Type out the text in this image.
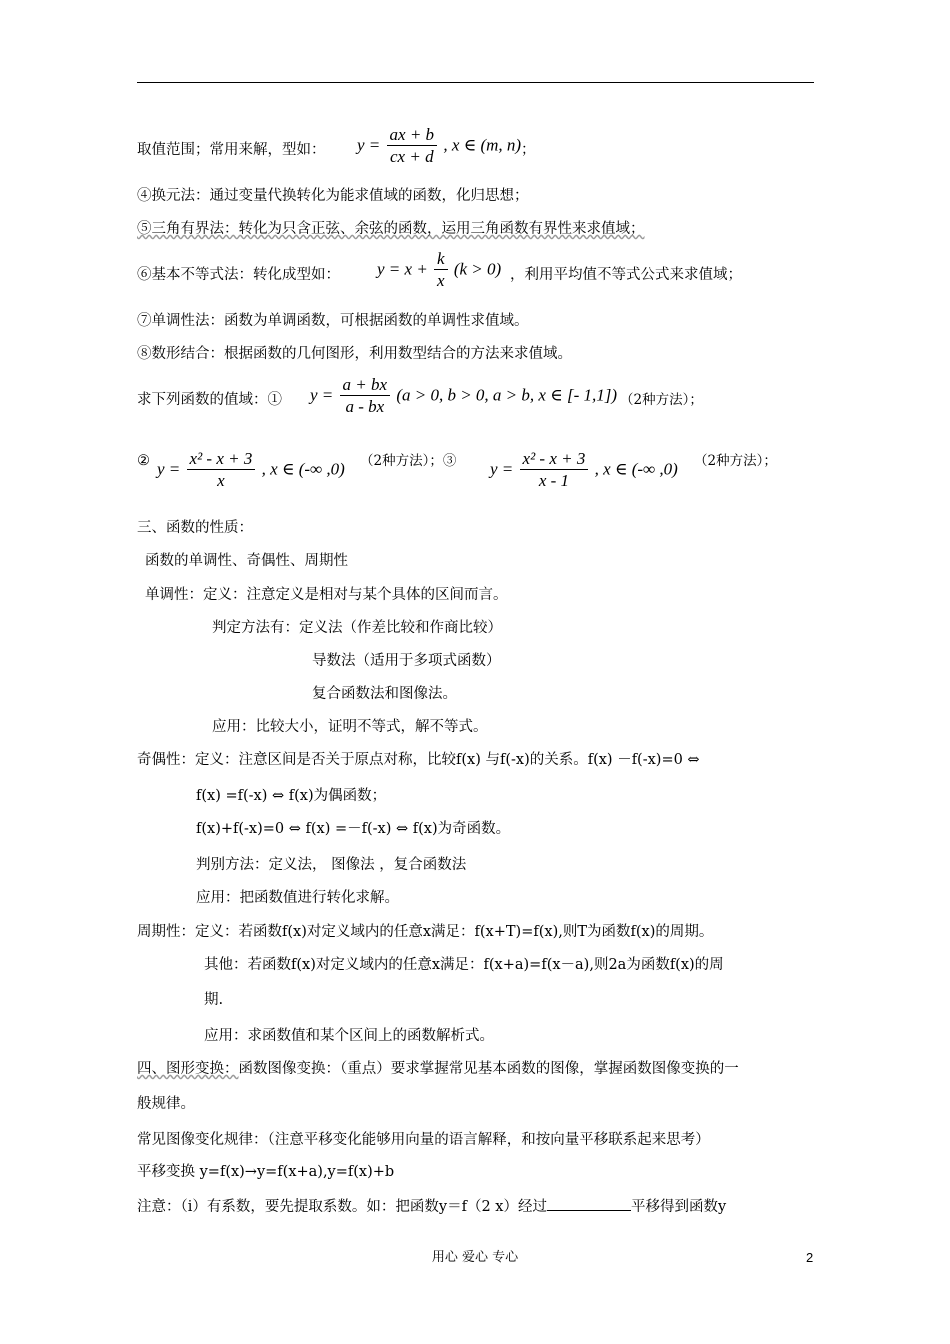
取值范围；常用来解，型如： $y = \frac{ax + b}{cx + d}$ , x ∈ (m, n) ；
④换元法：通过变量代换转化为能求值域的函数，化归思想；
⑤三角有界法：转化为只含正弦、余弦的函数，运用三角函数有界性来求值域；
⑥基本不等式法：转化成型如： $y = x + \frac{k}{x} (k > 0)$ ，利用平均值不等式公式来求值域；
⑦单调性法：函数为单调函数，可根据函数的单调性求值域。
⑧数形结合：根据函数的几何图形，利用数型结合的方法来求值域。
求下列函数的值域：① $y = \frac{a + bx}{a - bx} (a > 0$, b > 0, a > b, x ∈ [- 1,1]) （2种方法）；
② $y = \frac{\text{x² - x + 3}}{x}$ , x ∈ (-∞ ,0) （2种方法）；③ $y = \frac{\text{x² - x + 3}}{x - 1}$ , x ∈ (-∞ ,0) （2种方法）；
三、函数的性质：
函数的单调性、奇偶性、周期性
单调性：定义：注意定义是相对与某个具体的区间而言。
判定方法有：定义法（作差比较和作商比较）
导数法（适用于多项式函数）
复合函数法和图像法。
应用：比较大小，证明不等式，解不等式。
奇偶性：定义：注意区间是否关于原点对称，比较f(x) 与f(-x)的关系。f(x) －f(-x)=0 ⇔
f(x) =f(-x) ⇔ f(x)为偶函数；
f(x)+f(-x)=0 ⇔ f(x) =－f(-x) ⇔ f(x)为奇函数。
判别方法：定义法， 图像法 ，复合函数法
应用：把函数值进行转化求解。
周期性：定义：若函数f(x)对定义域内的任意x满足：f(x+T)=f(x),则T为函数f(x)的周期。
其他：若函数f(x)对定义域内的任意x满足：f(x+a)=f(x－a),则2a为函数f(x)的周
期.
应用：求函数值和某个区间上的函数解析式。
四、图形变换：函数图像变换：（重点）要求掌握常见基本函数的图像，掌握函数图像变换的一
般规律。
常见图像变化规律：（注意平移变化能够用向量的语言解释，和按向量平移联系起来思考）
平移变换 y=f(x)→y=f(x+a),y=f(x)+b
注意：（ⅰ）有系数，要先提取系数。如：把函数y＝f（2 x）经过	平移得到函数y
用心 爱心 专心	2
